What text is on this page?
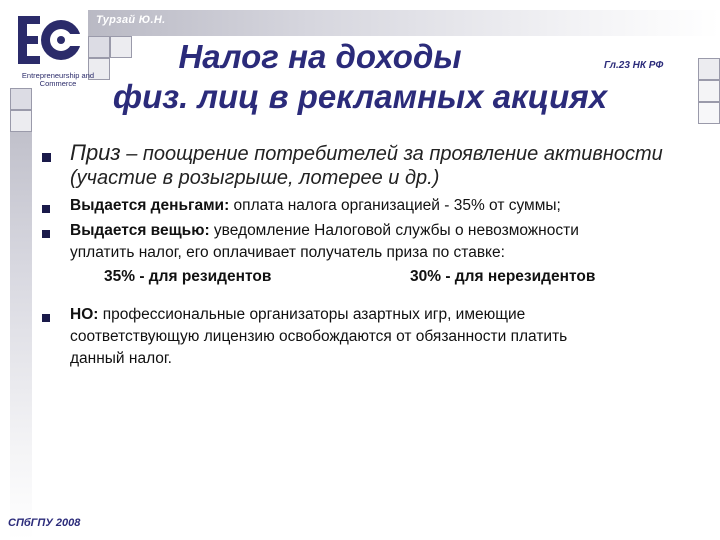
Турзай Ю.Н.
Entrepreneurship and Commerce
Налог на доходы	Гл.23 НК РФ
физ. лиц в рекламных акциях

Приз – поощрение потребителей за проявление активности

(участие в розыгрыше, лотерее и др.)

Выдается деньгами: оплата налога организацией - 35% от суммы;

Выдается вещью: уведомление Налоговой службы о невозможности

уплатить налог, его оплачивает получатель приза по ставке:

35% - для резидентов	30% - для нерезидентов

НО: профессиональные организаторы азартных игр, имеющие

соответствующую лицензию освобождаются от обязанности платить

данный налог.

СПбГПУ 2008
